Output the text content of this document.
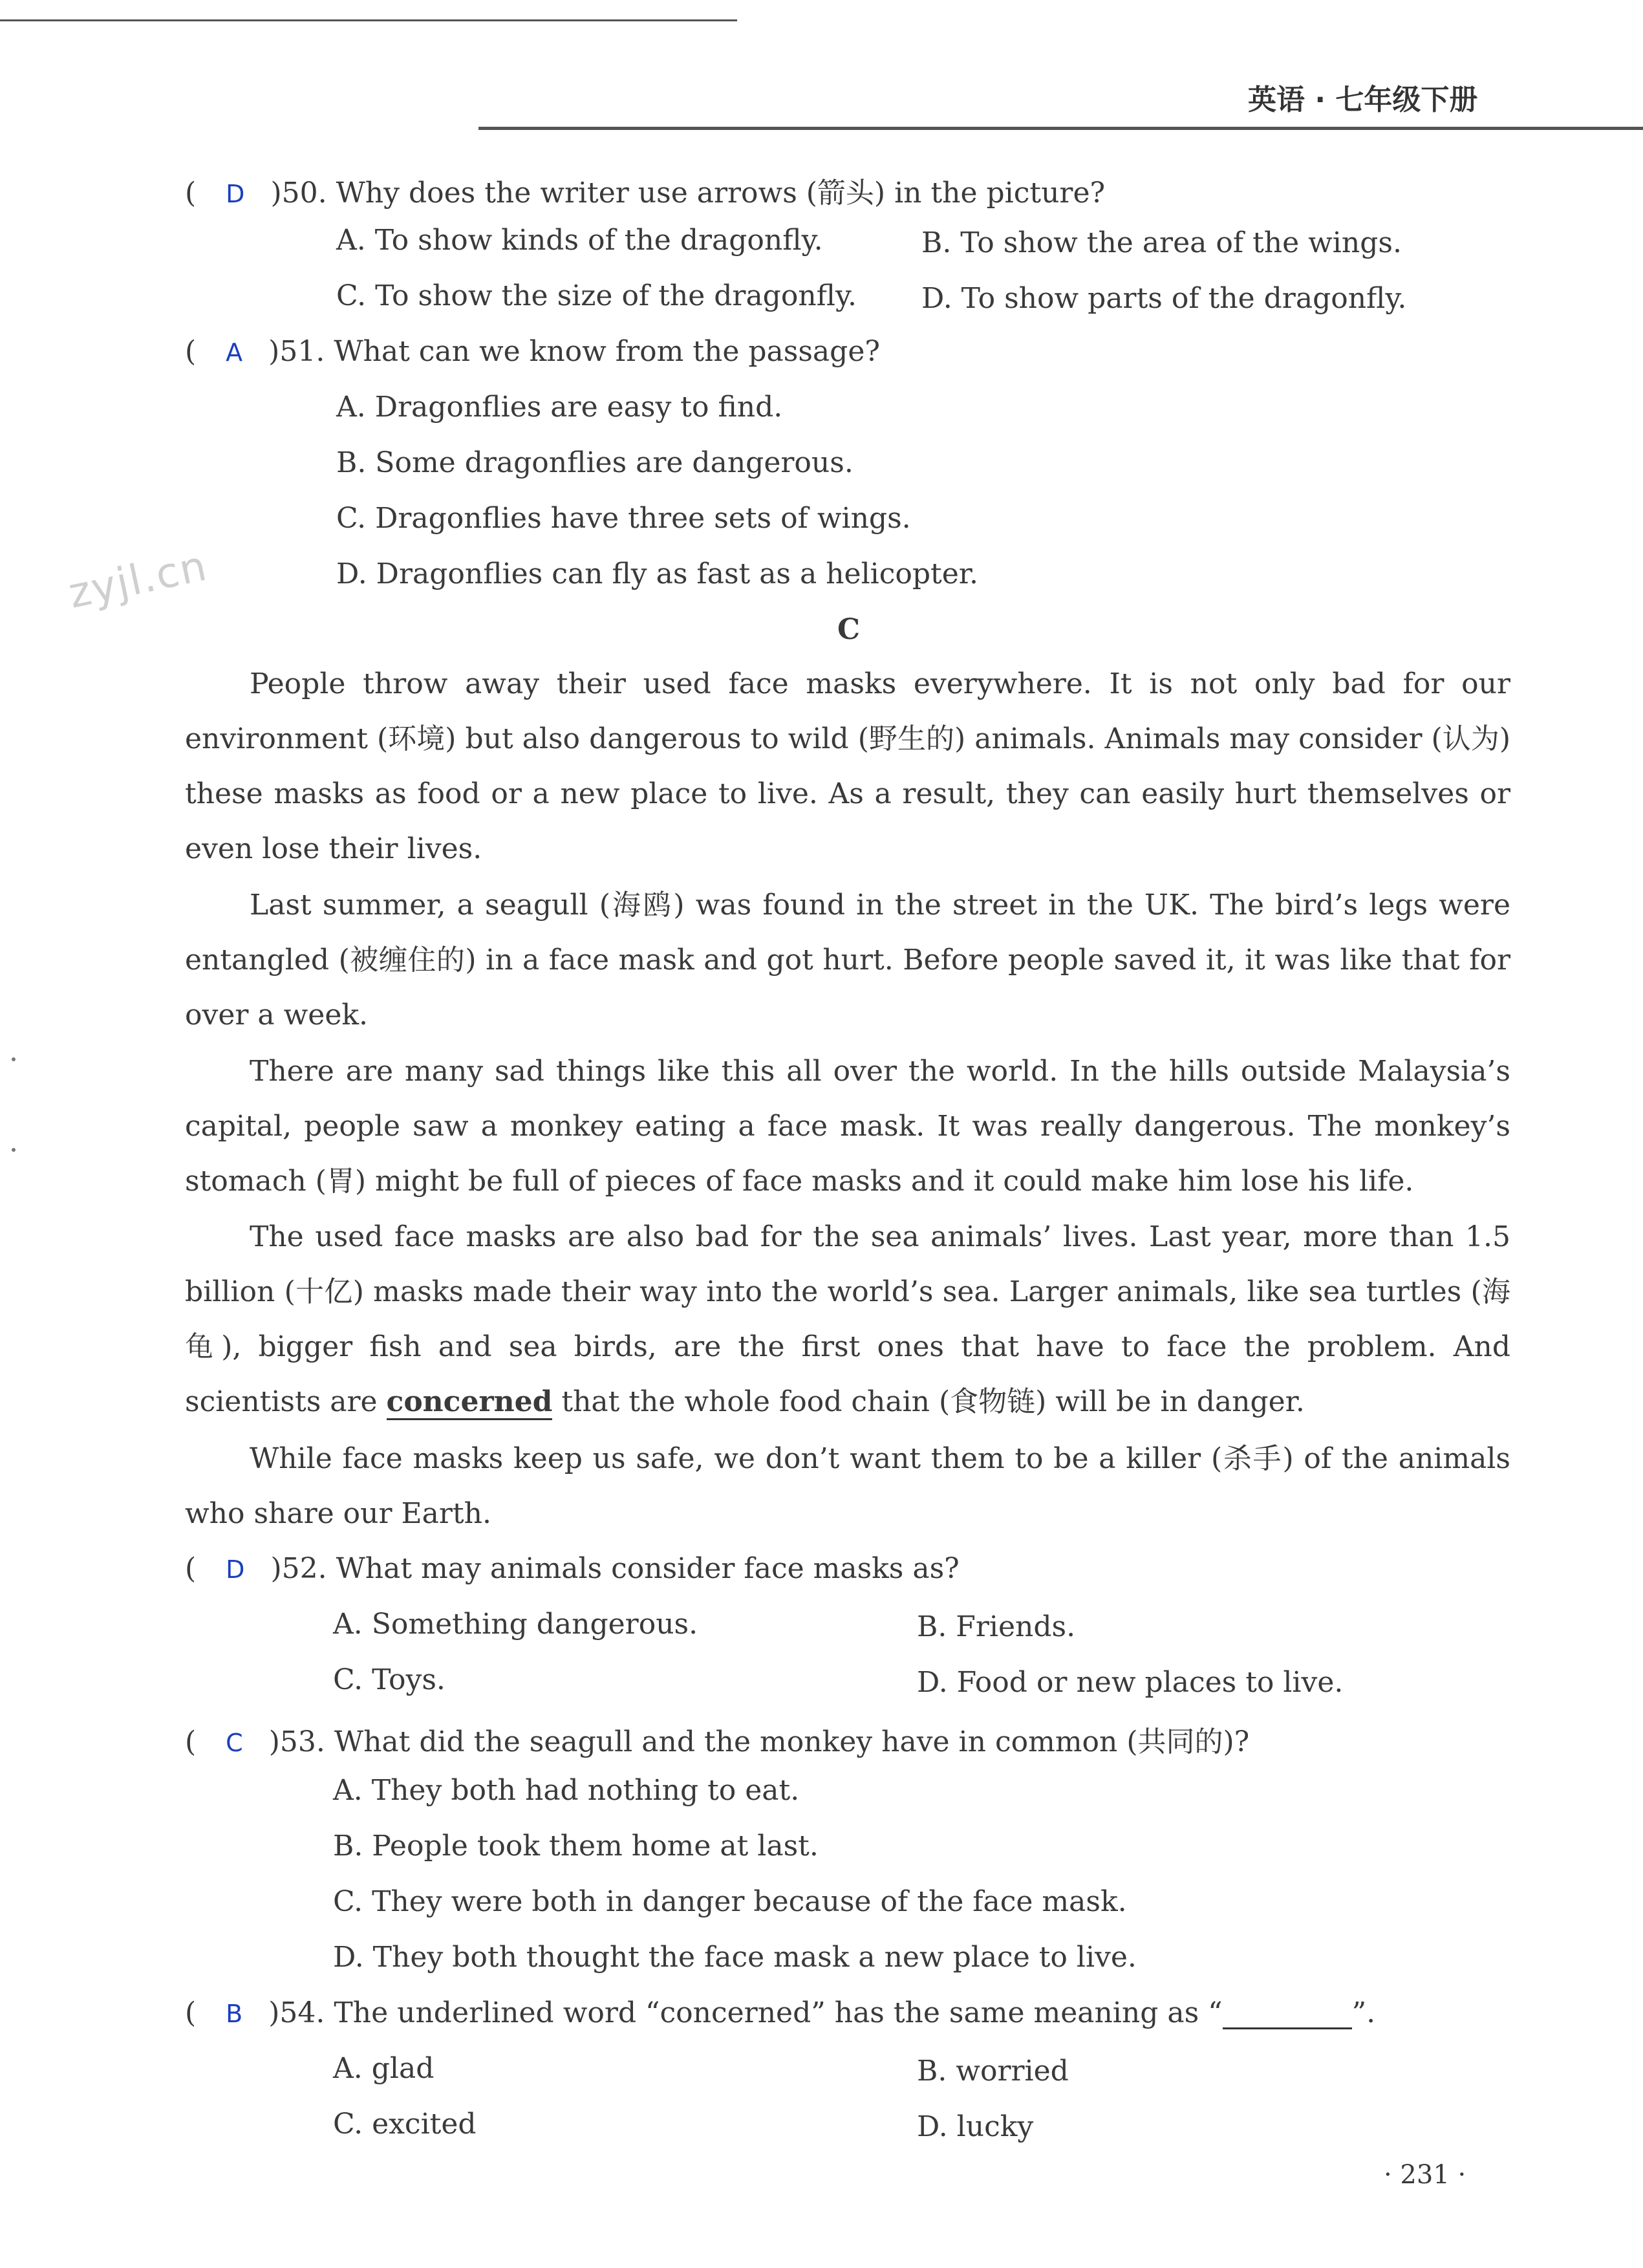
英语 · 七年级下册
zyjl.cn
( D )50. Why does the writer use arrows (箭头) in the picture?
A. To show kinds of the dragonfly.	B. To show the area of the wings.
C. To show the size of the dragonfly. D. To show parts of the dragonfly.
( A )51. What can we know from the passage?
A. Dragonflies are easy to find.
B. Some dragonflies are dangerous.
C. Dragonflies have three sets of wings.
D. Dragonflies can fly as fast as a helicopter.
C

People throw away their used face masks everywhere. It is not only bad for our environment (环境) but also dangerous to wild (野生的) animals. Animals may consider (认为) these masks as food or a new place to live. As a result, they can easily hurt themselves or even lose their lives.

Last summer, a seagull (海鸥) was found in the street in the UK. The bird’s legs were entangled (被缠住的) in a face mask and got hurt. Before people saved it, it was like that for over a week.

There are many sad things like this all over the world. In the hills outside Malaysia’s capital, people saw a monkey eating a face mask. It was really dangerous. The monkey’s stomach (胃) might be full of pieces of face masks and it could make him lose his life.

The used face masks are also bad for the sea animals’ lives. Last year, more than 1.5 billion (十亿) masks made their way into the world’s sea. Larger animals, like sea turtles (海龟), bigger fish and sea birds, are the first ones that have to face the problem. And scientists are concerned that the whole food chain (食物链) will be in danger.

While face masks keep us safe, we don’t want them to be a killer (杀手) of the animals who share our Earth.

( D )52. What may animals consider face masks as?
A. Something dangerous.	B. Friends.
C. Toys.	D. Food or new places to live.
( C )53. What did the seagull and the monkey have in common (共同的)?
A. They both had nothing to eat.
B. People took them home at last.
C. They were both in danger because of the face mask.
D. They both thought the face mask a new place to live.
( B )54. The underlined word “concerned” has the same meaning as “	”.
A. glad	B. worried
C. excited	D. lucky
· 231 ·
